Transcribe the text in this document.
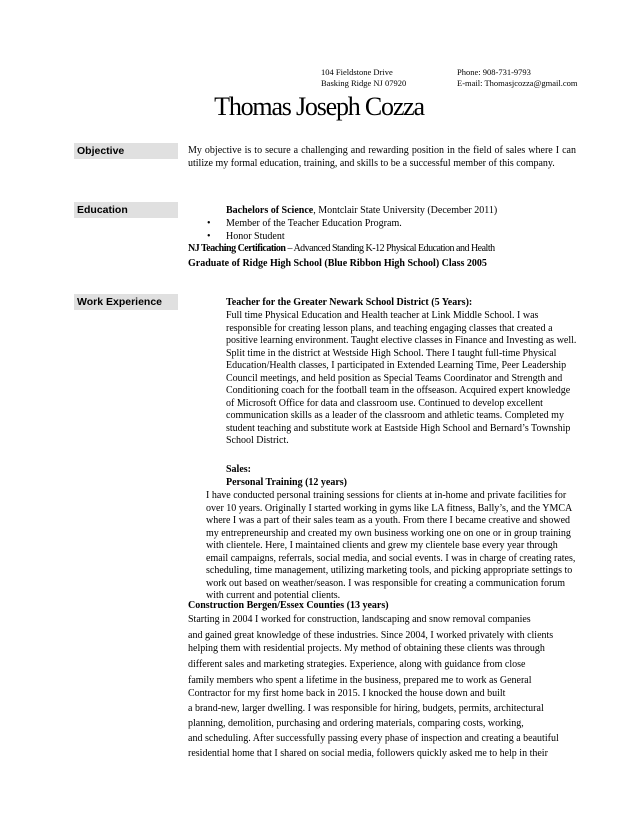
104 Fieldstone Drive
Basking Ridge NJ 07920
Phone: 908-731-9793
E-mail: Thomasjcozza@gmail.com
Thomas Joseph Cozza
Objective	My objective is to secure a challenging and rewarding position in the field of sales where I can utilize my formal education, training, and skills to be a successful member of this company.
Education	Bachelors of Science, Montclair State University (December 2011)
• Member of the Teacher Education Program.
• Honor Student
NJ Teaching Certification – Advanced Standing K-12 Physical Education and Health
Graduate of Ridge High School (Blue Ribbon High School) Class 2005
Work Experience	Teacher for the Greater Newark School District (5 Years):
Full time Physical Education and Health teacher at Link Middle School. I was responsible for creating lesson plans, and teaching engaging classes that created a positive learning environment. Taught elective classes in Finance and Investing as well. Split time in the district at Westside High School. There I taught full-time Physical Education/Health classes, I participated in Extended Learning Time, Peer Leadership Council meetings, and held position as Special Teams Coordinator and Strength and Conditioning coach for the football team in the offseason. Acquired expert knowledge of Microsoft Office for data and classroom use. Continued to develop excellent communication skills as a leader of the classroom and athletic teams. Completed my student teaching and substitute work at Eastside High School and Bernard’s Township School District.
Sales:
Personal Training (12 years)
I have conducted personal training sessions for clients at in-home and private facilities for over 10 years. Originally I started working in gyms like LA fitness, Bally’s, and the YMCA where I was a part of their sales team as a youth. From there I became creative and showed my entrepreneurship and created my own business working one on one or in group training with clientele. Here, I maintained clients and grew my clientele base every year through email campaigns, referrals, social media, and social events. I was in charge of creating rates, scheduling, time management, utilizing marketing tools, and picking appropriate settings to work out based on weather/season. I was responsible for creating a communication forum with current and potential clients.
Construction Bergen/Essex Counties (13 years)
Starting in 2004 I worked for construction, landscaping and snow removal companies
and gained great knowledge of these industries. Since 2004, I worked privately with clients
helping them with residential projects. My method of obtaining these clients was through
different sales and marketing strategies. Experience, along with guidance from close
family members who spent a lifetime in the business, prepared me to work as General
Contractor for my first home back in 2015. I knocked the house down and built
a brand-new, larger dwelling. I was responsible for hiring, budgets, permits, architectural
planning, demolition, purchasing and ordering materials, comparing costs, working,
and scheduling. After successfully passing every phase of inspection and creating a beautiful
residential home that I shared on social media, followers quickly asked me to help in their
